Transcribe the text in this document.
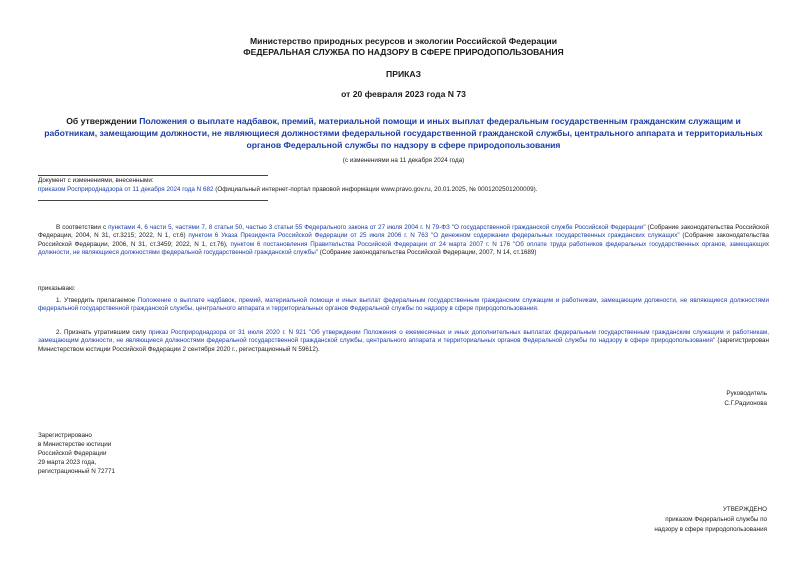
Министерство природных ресурсов и экологии Российской Федерации
ФЕДЕРАЛЬНАЯ СЛУЖБА ПО НАДЗОРУ В СФЕРЕ ПРИРОДОПОЛЬЗОВАНИЯ
ПРИКАЗ
от 20 февраля 2023 года N 73
Об утверждении Положения о выплате надбавок, премий, материальной помощи и иных выплат федеральным государственным гражданским служащим и работникам, замещающим должности, не являющиеся должностями федеральной государственной гражданской службы, центрального аппарата и территориальных органов Федеральной службы по надзору в сфере природопользования
(с изменениями на 11 декабря 2024 года)
Документ с изменениями, внесенными:
приказом Росприроднадзора от 11 декабря 2024 года N 682 (Официальный интернет-портал правовой информации www.pravo.gov.ru, 20.01.2025, № 0001202501200009).
В соответствии с пунктами 4, 6 части 5, частями 7, 8 статьи 50, частью 3 статьи 55 Федерального закона от 27 июля 2004 г. N 79-ФЗ "О государственной гражданской службе Российской Федерации" (Собрание законодательства Российской Федерации, 2004, N 31, ст.3215; 2022, N 1, ст.6) пунктом 6 Указа Президента Российской Федерации от 25 июля 2006 г. N 763 "О денежном содержании федеральных государственных гражданских служащих" (Собрание законодательства Российской Федерации, 2006, N 31, ст.3459; 2022, N 1, ст.76), пунктом 6 постановления Правительства Российской Федерации от 24 марта 2007 г. N 176 "Об оплате труда работников федеральных государственных органов, замещающих должности, не являющиеся должностями федеральной государственной гражданской службы" (Собрание законодательства Российской Федерации, 2007, N 14, ст.1689)
приказываю:
1. Утвердить прилагаемое Положение о выплате надбавок, премий, материальной помощи и иных выплат федеральным государственным гражданским служащим и работникам, замещающим должности, не являющиеся должностями федеральной государственной гражданской службы, центрального аппарата и территориальных органов Федеральной службы по надзору в сфере природопользования.
2. Признать утратившим силу приказ Росприроднадзора от 31 июля 2020 г. N 921 "Об утверждении Положения о ежемесячных и иных дополнительных выплатах федеральным государственным гражданским служащим и работникам, замещающим должности, не являющиеся должностями федеральной государственной гражданской службы, центрального аппарата и территориальных органов Федеральной службы по надзору в сфере природопользования" (зарегистрирован Министерством юстиции Российской Федерации 2 сентября 2020 г., регистрационный N 59612).
Руководитель
С.Г.Радионова
Зарегистрировано
в Министерстве юстиции
Российской Федерации
29 марта 2023 года,
регистрационный N 72771
УТВЕРЖДЕНО
приказом Федеральной службы по
надзору в сфере природопользования
